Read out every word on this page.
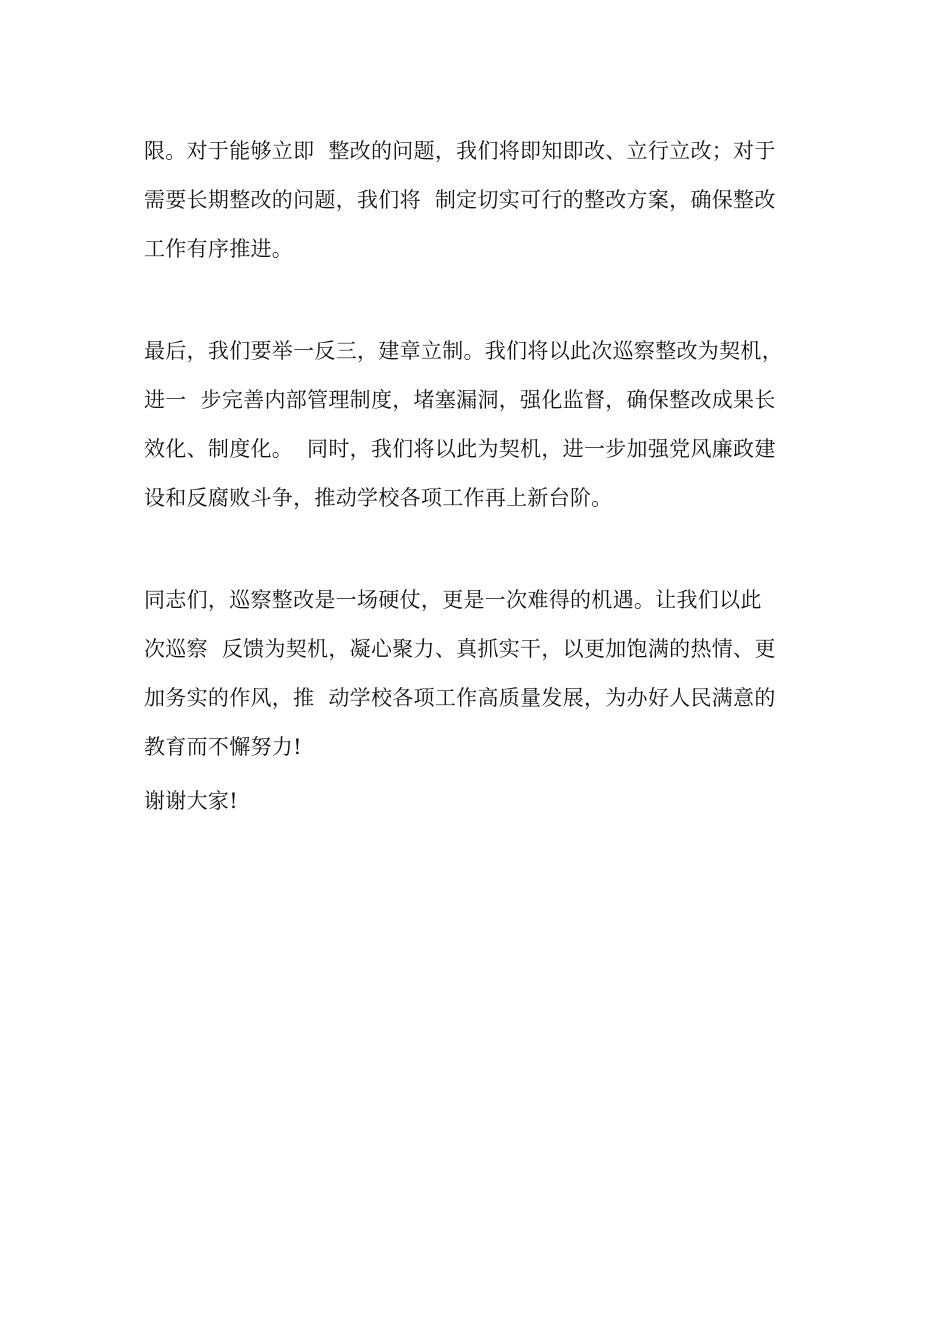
限。对于能够立即  整改的问题，我们将即知即改、立行立改；对于
需要长期整改的问题，我们将  制定切实可行的整改方案，确保整改
工作有序推进。
最后，我们要举一反三，建章立制。我们将以此次巡察整改为契机，
进一  步完善内部管理制度，堵塞漏洞，强化监督，确保整改成果长
效化、制度化。  同时，我们将以此为契机，进一步加强党风廉政建
设和反腐败斗争，推动学校各项工作再上新台阶。
同志们，巡察整改是一场硬仗，更是一次难得的机遇。让我们以此
次巡察  反馈为契机，凝心聚力、真抓实干，以更加饱满的热情、更
加务实的作风，推  动学校各项工作高质量发展，为办好人民满意的
教育而不懈努力!
谢谢大家!
